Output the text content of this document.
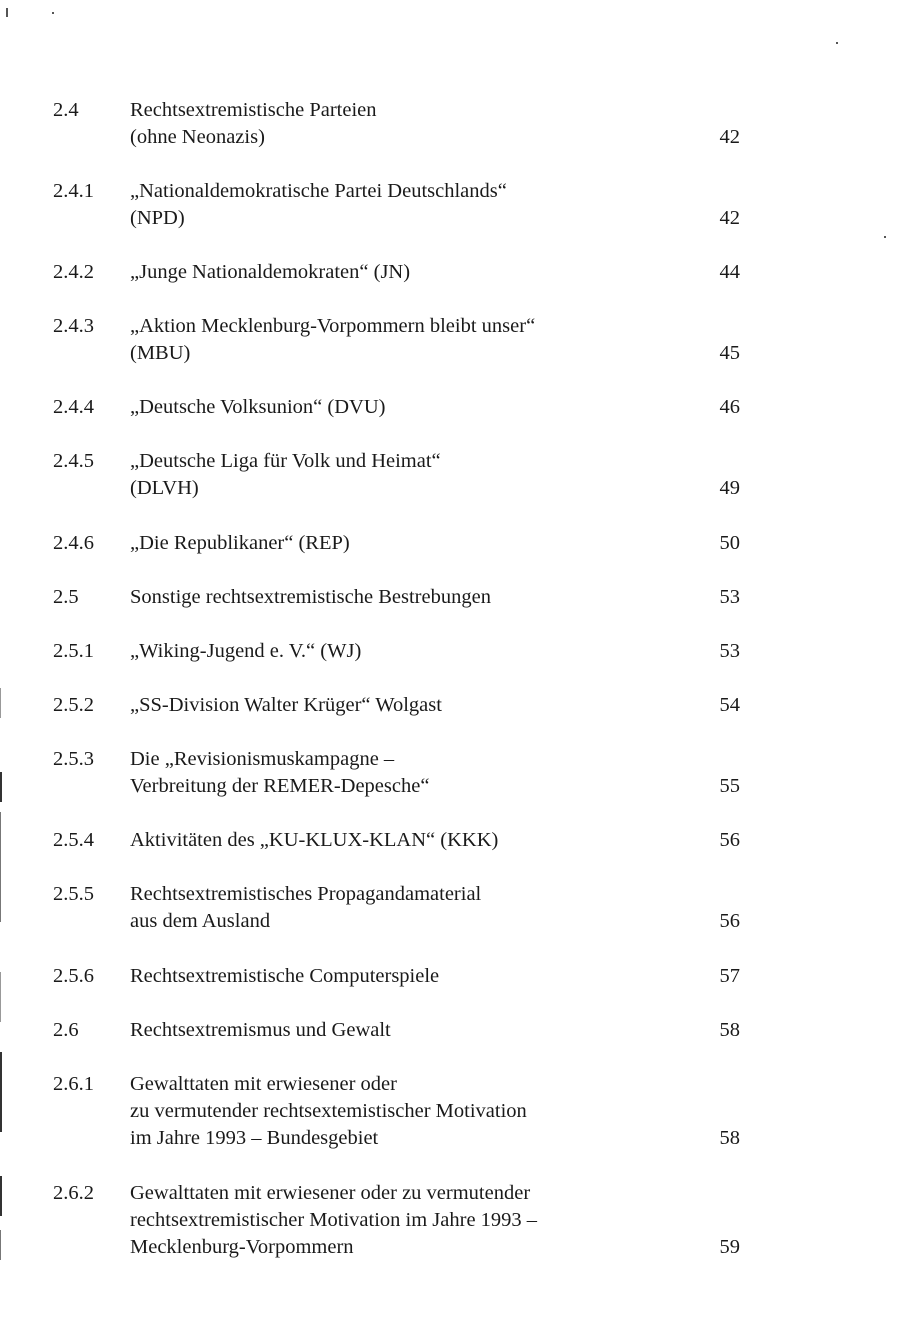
2.4	Rechtsextremistische Parteien
(ohne Neonazis)	42
2.4.1 „Nationaldemokratische Partei Deutschlands“
(NPD)	42
2.4.2 „Junge Nationaldemokraten“ (JN)	44
2.4.3 „Aktion Mecklenburg-Vorpommern bleibt unser“
(MBU)	45
2.4.4 „Deutsche Volksunion“ (DVU)	46
2.4.5 „Deutsche Liga für Volk und Heimat“
(DLVH)	49
2.4.6 „Die Republikaner“ (REP)	50
2.5	Sonstige rechtsextremistische Bestrebungen	53
2.5.1 „Wiking-Jugend e. V.“ (WJ)	53
2.5.2 „SS-Division Walter Krüger“ Wolgast	54
2.5.3 Die „Revisionismuskampagne –
Verbreitung der REMER-Depesche“	55
2.5.4 Aktivitäten des „KU-KLUX-KLAN“ (KKK)	56
2.5.5 Rechtsextremistisches Propagandamaterial
aus dem Ausland	56
2.5.6 Rechtsextremistische Computerspiele	57
2.6	Rechtsextremismus und Gewalt	58
2.6.1 Gewalttaten mit erwiesener oder
zu vermutender rechtsextemistischer Motivation
im Jahre 1993 – Bundesgebiet	58
2.6.2 Gewalttaten mit erwiesener oder zu vermutender
rechtsextremistischer Motivation im Jahre 1993 –
Mecklenburg-Vorpommern	59
